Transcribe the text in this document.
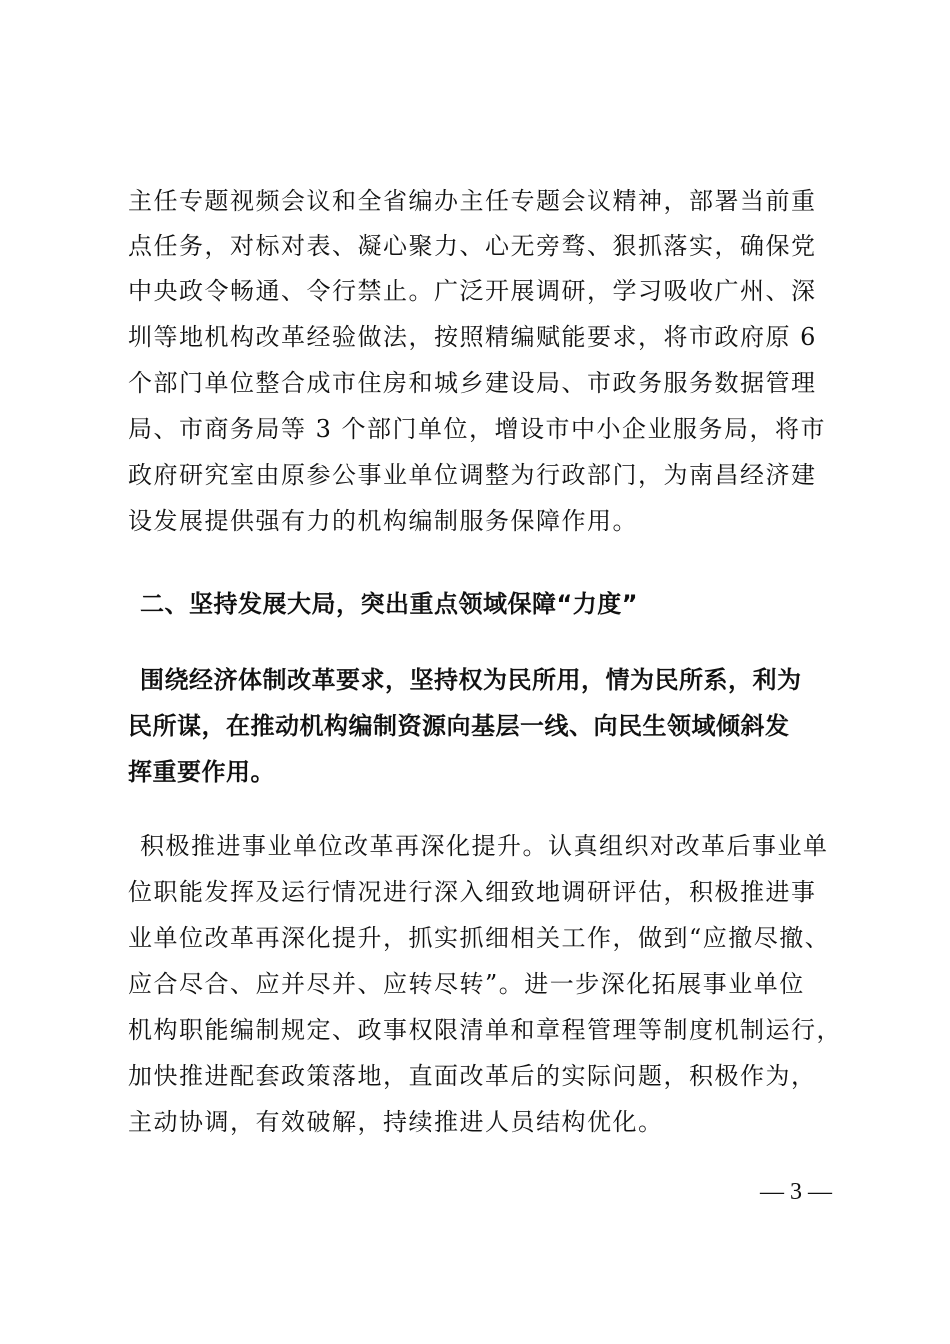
主任专题视频会议和全省编办主任专题会议精神，部署当前重
点任务，对标对表、凝心聚力、心无旁骛、狠抓落实，确保党
中央政令畅通、令行禁止。广泛开展调研，学习吸收广州、深
圳等地机构改革经验做法，按照精编赋能要求，将市政府原 6
个部门单位整合成市住房和城乡建设局、市政务服务数据管理
局、市商务局等 3 个部门单位，增设市中小企业服务局，将市
政府研究室由原参公事业单位调整为行政部门，为南昌经济建
设发展提供强有力的机构编制服务保障作用。
二、坚持发展大局，突出重点领域保障“力度”
围绕经济体制改革要求，坚持权为民所用，情为民所系，利为
民所谋，在推动机构编制资源向基层一线、向民生领域倾斜发
挥重要作用。
积极推进事业单位改革再深化提升。认真组织对改革后事业单
位职能发挥及运行情况进行深入细致地调研评估，积极推进事
业单位改革再深化提升，抓实抓细相关工作，做到“应撤尽撤、
应合尽合、应并尽并、应转尽转”。进一步深化拓展事业单位
机构职能编制规定、政事权限清单和章程管理等制度机制运行，
加快推进配套政策落地，直面改革后的实际问题，积极作为，
主动协调，有效破解，持续推进人员结构优化。
— 3 —
